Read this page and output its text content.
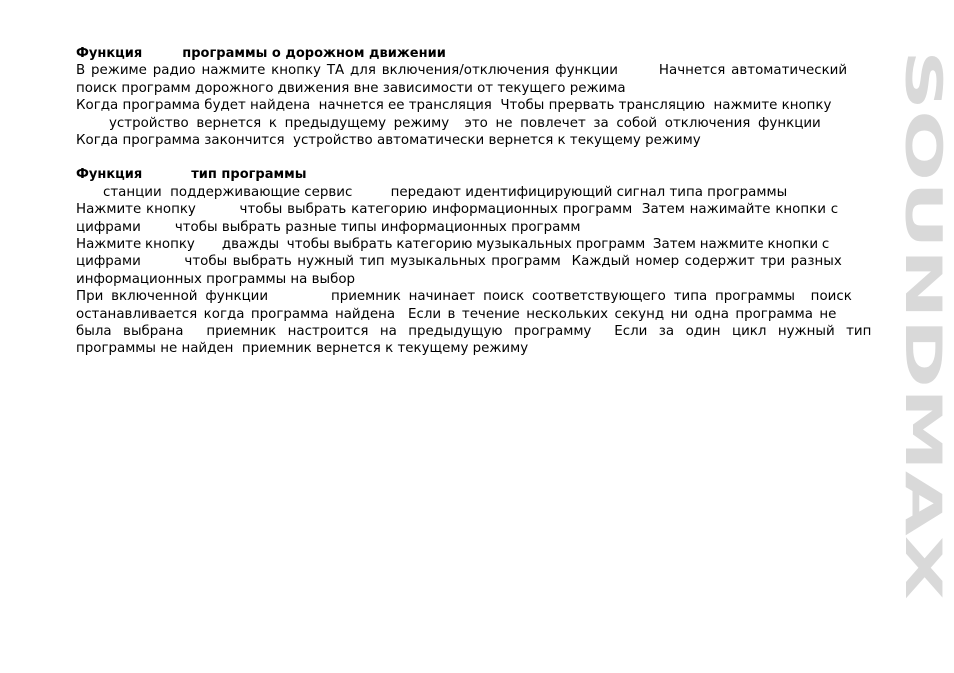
Функция	программы о дорожном движении
В режиме радио нажмите кнопку ТА для включения/отключения функции       Начнется автоматический
поиск программ дорожного движения вне зависимости от текущего режима
Когда программа будет найдена  начнется ее трансляция  Чтобы прервать трансляцию  нажмите кнопку
устройство вернется к предыдущему режиму  это не повлечет за собой отключения функции
Когда программа закончится  устройство автоматически вернется к текущему режиму
Функция	тип программы
станции  поддерживающие сервис         передают идентифицирующий сигнал типа программы
Нажмите кнопку         чтобы выбрать категорию информационных программ  Затем нажимайте кнопки с
цифрами        чтобы выбрать разные типы информационных программ
Нажмите кнопку       дважды  чтобы выбрать категорию музыкальных программ  Затем нажмите кнопки с
цифрами        чтобы выбрать нужный тип музыкальных программ  Каждый номер содержит три разных
информационных программы на выбор
При включенной функции        приемник начинает поиск соответствующего типа программы  поиск
останавливается когда программа найдена  Если в течение нескольких секунд ни одна программа не
была выбрана  приемник настроится на предыдущую программу  Если за один цикл нужный тип
программы не найден  приемник вернется к текущему режиму	SOUNDMAX
